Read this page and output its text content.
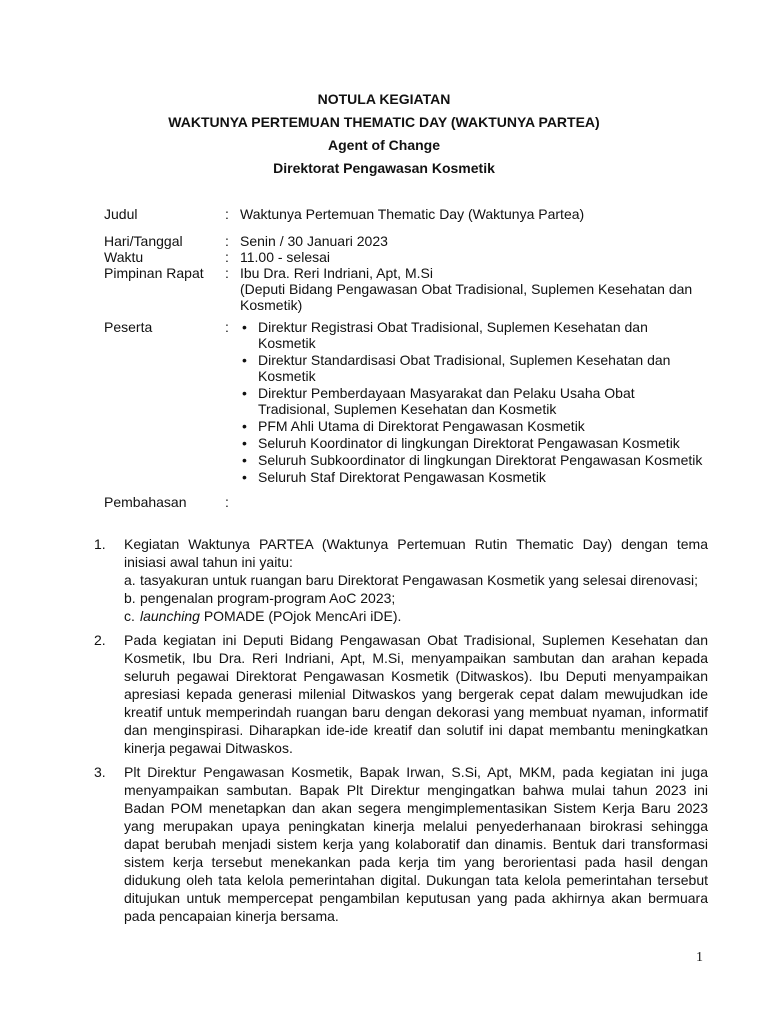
NOTULA KEGIATAN
WAKTUNYA PERTEMUAN THEMATIC DAY (WAKTUNYA PARTEA)
Agent of Change
Direktorat Pengawasan Kosmetik
Judul	: Waktunya Pertemuan Thematic Day (Waktunya Partea)
Hari/Tanggal	: Senin / 30 Januari 2023
Waktu	: 11.00 - selesai
Pimpinan Rapat	: Ibu Dra. Reri Indriani, Apt, M.Si

(Deputi Bidang Pengawasan Obat Tradisional, Suplemen Kesehatan dan Kosmetik)

Peserta	:
•	Direktur Registrasi Obat Tradisional, Suplemen Kesehatan dan Kosmetik
• Direktur Standardisasi Obat Tradisional, Suplemen Kesehatan dan Kosmetik
• Direktur Pemberdayaan Masyarakat dan Pelaku Usaha Obat Tradisional, Suplemen Kesehatan dan Kosmetik
• PFM Ahli Utama di Direktorat Pengawasan Kosmetik
• Seluruh Koordinator di lingkungan Direktorat Pengawasan Kosmetik
• Seluruh Subkoordinator di lingkungan Direktorat Pengawasan Kosmetik
• Seluruh Staf Direktorat Pengawasan Kosmetik
Pembahasan	:
1.	Kegiatan Waktunya PARTEA (Waktunya Pertemuan Rutin Thematic Day) dengan tema inisiasi awal tahun ini yaitu:

a. tasyakuran untuk ruangan baru Direktorat Pengawasan Kosmetik yang selesai direnovasi;
b. pengenalan program-program AoC 2023;
c. launching POMADE (POjok MencAri iDE).
2.	Pada kegiatan ini Deputi Bidang Pengawasan Obat Tradisional, Suplemen Kesehatan dan Kosmetik, Ibu Dra. Reri Indriani, Apt, M.Si, menyampaikan sambutan dan arahan kepada seluruh pegawai Direktorat Pengawasan Kosmetik (Ditwaskos). Ibu Deputi menyampaikan apresiasi kepada generasi milenial Ditwaskos yang bergerak cepat dalam mewujudkan ide kreatif untuk memperindah ruangan baru dengan dekorasi yang membuat nyaman, informatif dan menginspirasi. Diharapkan ide-ide kreatif dan solutif ini dapat membantu meningkatkan kinerja pegawai Ditwaskos.

3.	Plt Direktur Pengawasan Kosmetik, Bapak Irwan, S.Si, Apt, MKM, pada kegiatan ini juga menyampaikan sambutan. Bapak Plt Direktur mengingatkan bahwa mulai tahun 2023 ini Badan POM menetapkan dan akan segera mengimplementasikan Sistem Kerja Baru 2023 yang merupakan upaya peningkatan kinerja melalui penyederhanaan birokrasi sehingga dapat berubah menjadi sistem kerja yang kolaboratif dan dinamis. Bentuk dari transformasi sistem kerja tersebut menekankan pada kerja tim yang berorientasi pada hasil dengan didukung oleh tata kelola pemerintahan digital. Dukungan tata kelola pemerintahan tersebut ditujukan untuk mempercepat pengambilan keputusan yang pada akhirnya akan bermuara pada pencapaian kinerja bersama.

1
